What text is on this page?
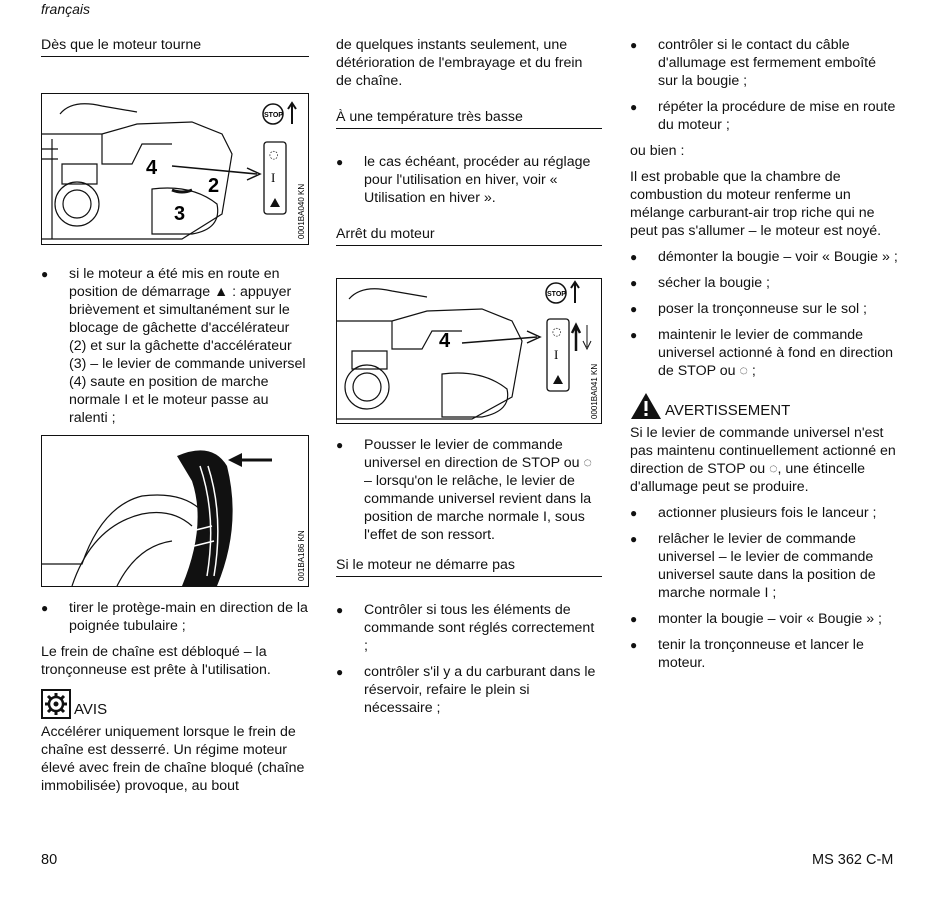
français
Dès que le moteur tourne
4
2
3
STOP
◌
I
0001BA040 KN
● si le moteur a été mis en route en position de démarrage ▲ : appuyer brièvement et simultanément sur le blocage de gâchette d'accélérateur (2) et sur la gâchette d'accélérateur (3) – le levier de commande universel (4) saute en position de marche normale I et le moteur passe au ralenti ;
001BA186 KN
● tirer le protège-main en direction de la poignée tubulaire ;

Le frein de chaîne est débloqué – la tronçonneuse est prête à l'utilisation.

AVIS

Accélérer uniquement lorsque le frein de chaîne est desserré. Un régime moteur élevé avec frein de chaîne bloqué (chaîne immobilisée) provoque, au bout

de quelques instants seulement, une détérioration de l'embrayage et du frein de chaîne.

À une température très basse
● le cas échéant, procéder au réglage pour l'utilisation en hiver, voir « Utilisation en hiver ».
Arrêt du moteur
4
STOP
◌
I
0001BA041 KN
● Pousser le levier de commande universel en direction de STOP ou ◌ – lorsqu'on le relâche, le levier de commande universel revient dans la position de marche normale I, sous l'effet de son ressort.
Si le moteur ne démarre pas
● Contrôler si tous les éléments de commande sont réglés correctement ;
● contrôler s'il y a du carburant dans le réservoir, refaire le plein si nécessaire ;
● contrôler si le contact du câble d'allumage est fermement emboîté sur la bougie ;
● répéter la procédure de mise en route du moteur ;

ou bien :

Il est probable que la chambre de combustion du moteur renferme un mélange carburant-air trop riche qui ne peut pas s'allumer – le moteur est noyé.

● démonter la bougie – voir « Bougie » ;
● sécher la bougie ;
● poser la tronçonneuse sur le sol ;
● maintenir le levier de commande universel actionné à fond en direction de STOP ou ◌ ;
AVERTISSEMENT

Si le levier de commande universel n'est pas maintenu continuellement actionné en direction de STOP ou ◌, une étincelle d'allumage peut se produire.

● actionner plusieurs fois le lanceur ;
● relâcher le levier de commande universel – le levier de commande universel saute dans la position de marche normale I ;
● monter la bougie – voir « Bougie » ;
● tenir la tronçonneuse et lancer le moteur.
80	MS 362 C-M
